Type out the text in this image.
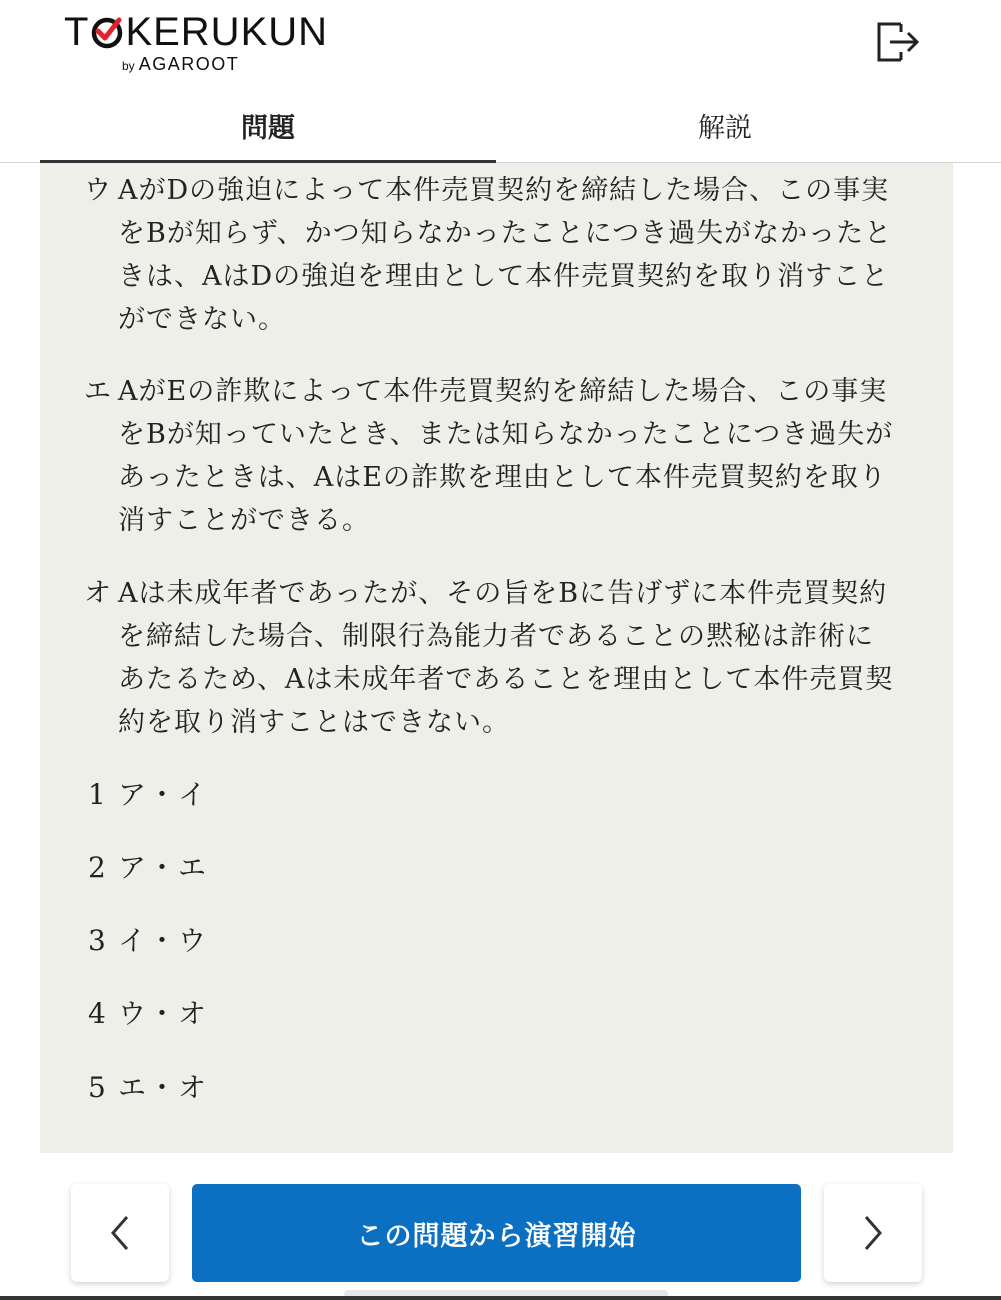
T KERUKUN
by AGAROOT
問題	解説
ウ AがDの強迫によって本件売買契約を締結した場合、この事実をBが知らず、かつ知らなかったことにつき過失がなかったときは、AはDの強迫を理由として本件売買契約を取り消すことができない。
エ AがEの詐欺によって本件売買契約を締結した場合、この事実をBが知っていたとき、または知らなかったことにつき過失があったときは、AはEの詐欺を理由として本件売買契約を取り消すことができる。
オ Aは未成年者であったが、その旨をBに告げずに本件売買契約を締結した場合、制限行為能力者であることの黙秘は詐術にあたるため、Aは未成年者であることを理由として本件売買契約を取り消すことはできない。
1 ア・イ
2 ア・エ
3 イ・ウ
4 ウ・オ
5 エ・オ
この問題から演習開始
